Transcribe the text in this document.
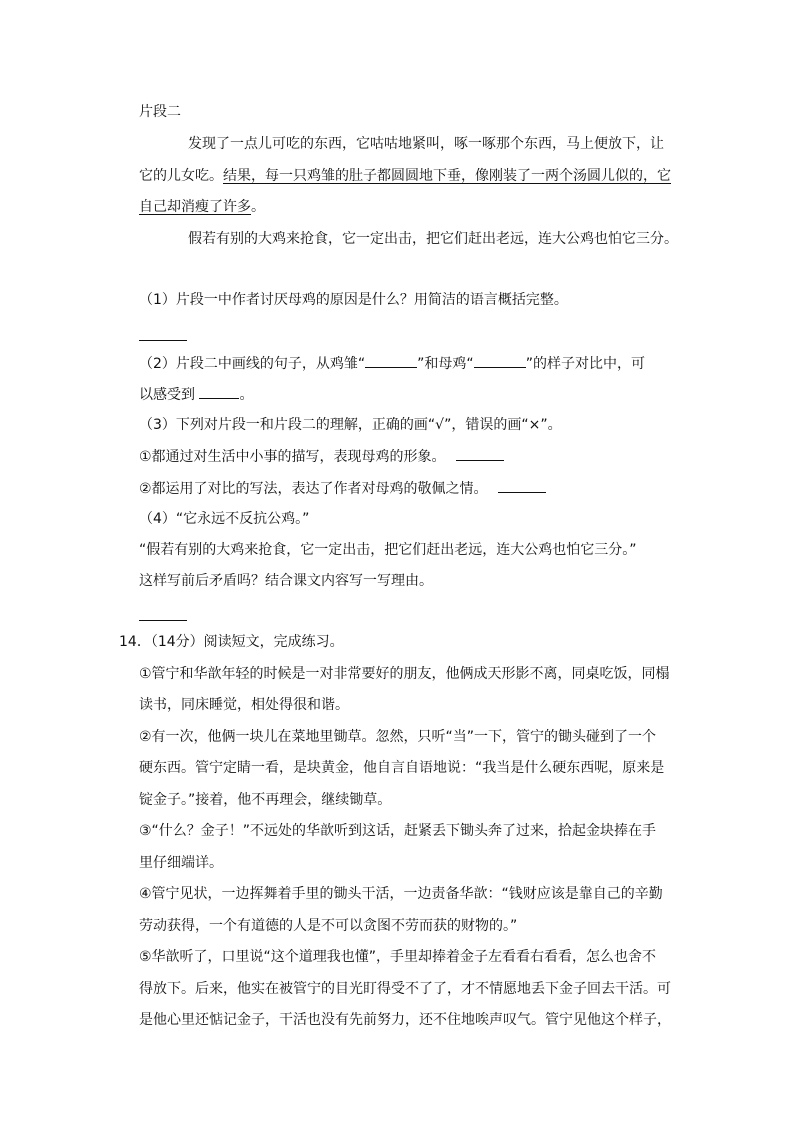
片段二
发现了一点儿可吃的东西，它咕咕地紧叫，啄一啄那个东西，马上便放下，让
它的儿女吃。结果，每一只鸡雏的肚子都圆圆地下垂，像刚装了一两个汤圆儿似的，它
自己却消瘦了许多。
假若有别的大鸡来抢食，它一定出击，把它们赶出老远，连大公鸡也怕它三分。
（1）片段一中作者讨厌母鸡的原因是什么？用简洁的语言概括完整。
（2）片段二中画线的句子，从鸡雏“	”和母鸡“	”的样子对比中，可
以感受到	。
（3）下列对片段一和片段二的理解，正确的画“√”，错误的画“×”。
①都通过对生活中小事的描写，表现母鸡的形象。
②都运用了对比的写法，表达了作者对母鸡的敬佩之情。
（4）“它永远不反抗公鸡。”
“假若有别的大鸡来抢食，它一定出击，把它们赶出老远，连大公鸡也怕它三分。”
这样写前后矛盾吗？结合课文内容写一写理由。
14．（14分）阅读短文，完成练习。
①管宁和华歆年轻的时候是一对非常要好的朋友，他俩成天形影不离，同桌吃饭，同榻
读书，同床睡觉，相处得很和谐。
②有一次，他俩一块儿在菜地里锄草。忽然，只听“当”一下，管宁的锄头碰到了一个
硬东西。管宁定睛一看，是块黄金，他自言自语地说：“我当是什么硬东西呢，原来是
锭金子。”接着，他不再理会，继续锄草。
③“什么？金子！”不远处的华歆听到这话，赶紧丢下锄头奔了过来，拾起金块捧在手
里仔细端详。
④管宁见状，一边挥舞着手里的锄头干活，一边责备华歆：“钱财应该是靠自己的辛勤
劳动获得，一个有道德的人是不可以贪图不劳而获的财物的。”
⑤华歆听了，口里说“这个道理我也懂”，手里却捧着金子左看看右看看，怎么也舍不
得放下。后来，他实在被管宁的目光盯得受不了了，才不情愿地丢下金子回去干活。可
是他心里还惦记金子，干活也没有先前努力，还不住地唉声叹气。管宁见他这个样子，
